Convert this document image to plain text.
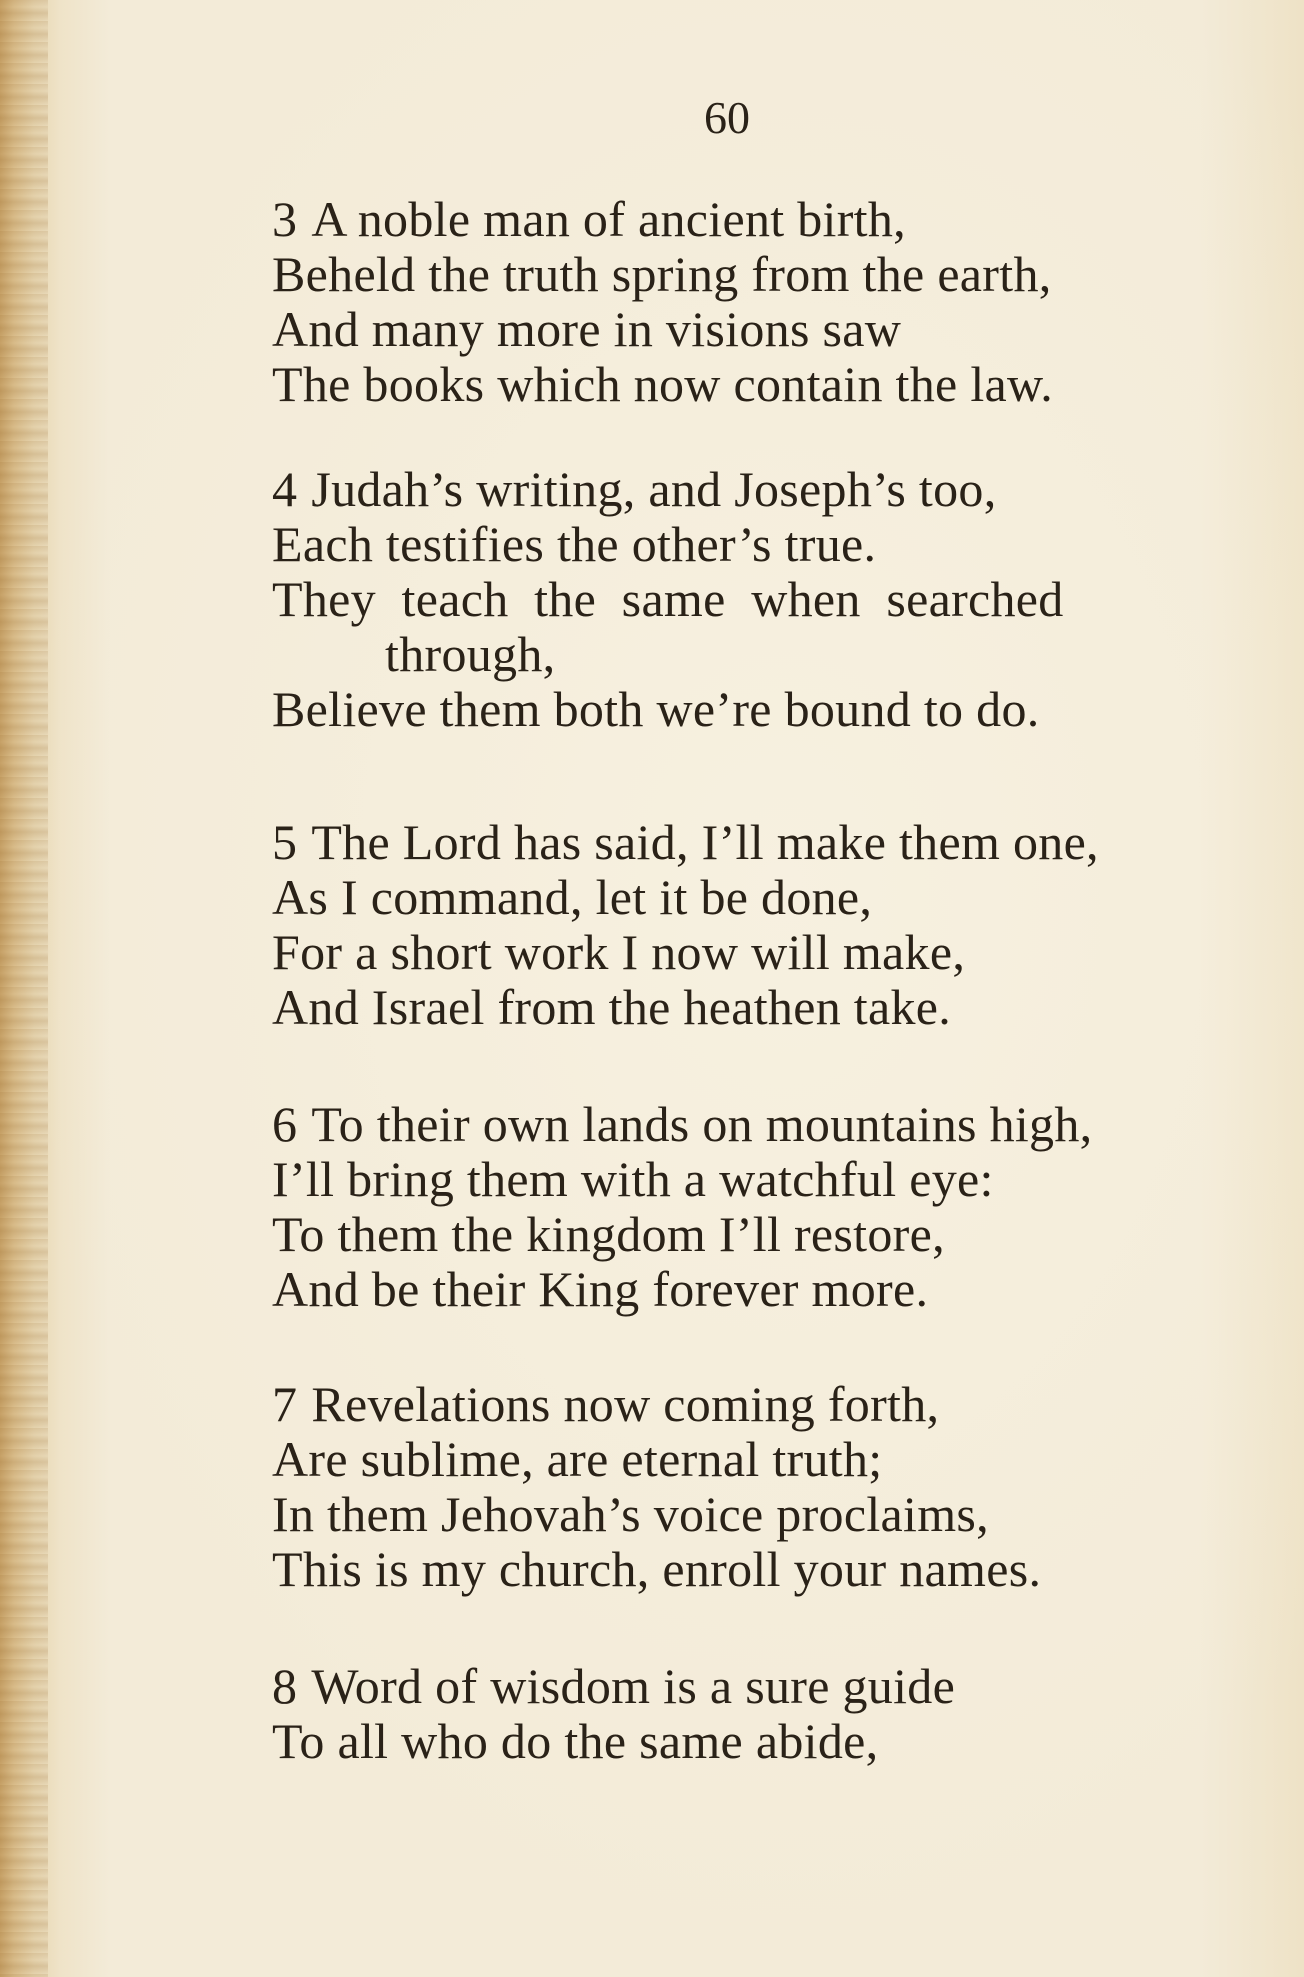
60
3 A noble man of ancient birth,
Beheld the truth spring from the earth,
And many more in visions saw
The books which now contain the law.
4 Judah’s writing, and Joseph’s too,
Each testifies the other’s true.
They  teach  the  same  when  searched
through,
Believe them both we’re bound to do.
5 The Lord has said, I’ll make them one,
As I command, let it be done,
For a short work I now will make,
And Israel from the heathen take.
6 To their own lands on mountains high,
I’ll bring them with a watchful eye:
To them the kingdom I’ll restore,
And be their King forever more.
7 Revelations now coming forth,
Are sublime, are eternal truth;
In them Jehovah’s voice proclaims,
This is my church, enroll your names.
8 Word of wisdom is a sure guide
To all who do the same abide,
